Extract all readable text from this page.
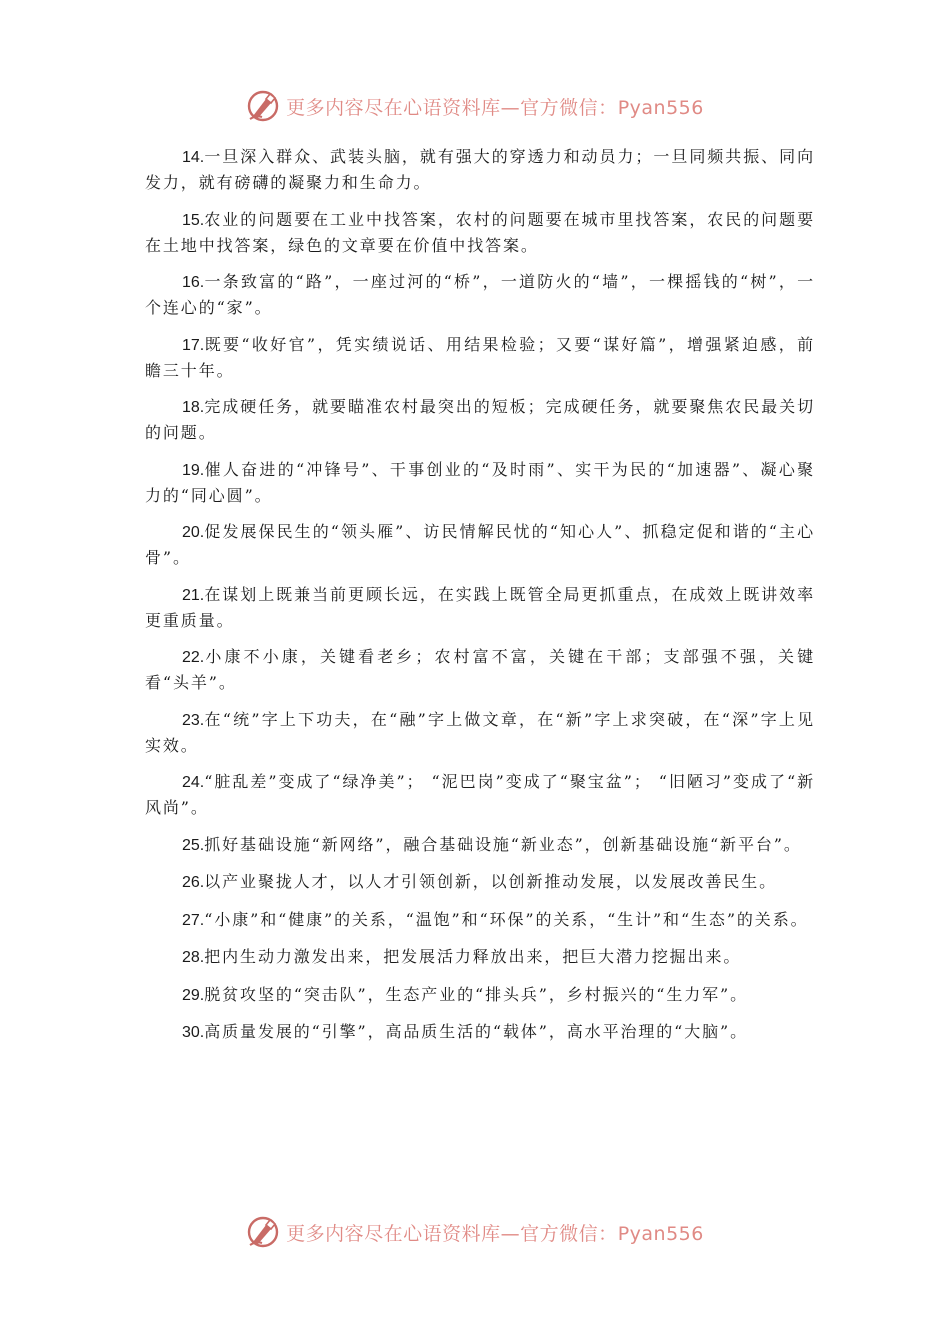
更多内容尽在心语资料库—官方微信：Pyan556

14.一旦深入群众、武装头脑，就有强大的穿透力和动员力；一旦同频共振、同向发力，就有磅礴的凝聚力和生命力。

15.农业的问题要在工业中找答案，农村的问题要在城市里找答案，农民的问题要在土地中找答案，绿色的文章要在价值中找答案。

16.一条致富的“路”，一座过河的“桥”，一道防火的“墙”，一棵摇钱的“树”，一个连心的“家”。

17.既要“收好官”，凭实绩说话、用结果检验；又要“谋好篇”，增强紧迫感，前瞻三十年。

18.完成硬任务，就要瞄准农村最突出的短板；完成硬任务，就要聚焦农民最关切的问题。

19.催人奋进的“冲锋号”、干事创业的“及时雨”、实干为民的“加速器”、凝心聚力的“同心圆”。

20.促发展保民生的“领头雁”、访民情解民忧的“知心人”、抓稳定促和谐的“主心骨”。

21.在谋划上既兼当前更顾长远，在实践上既管全局更抓重点，在成效上既讲效率更重质量。

22.小康不小康，关键看老乡；农村富不富，关键在干部；支部强不强，关键看“头羊”。

23.在“统”字上下功夫，在“融”字上做文章，在“新”字上求突破，在“深”字上见实效。

24.“脏乱差”变成了“绿净美”； “泥巴岗”变成了“聚宝盆”； “旧陋习”变成了“新风尚”。

25.抓好基础设施“新网络”，融合基础设施“新业态”，创新基础设施“新平台”。

26.以产业聚拢人才，以人才引领创新，以创新推动发展，以发展改善民生。

27.“小康”和“健康”的关系，“温饱”和“环保”的关系，“生计”和“生态”的关系。

28.把内生动力激发出来，把发展活力释放出来，把巨大潜力挖掘出来。

29.脱贫攻坚的“突击队”，生态产业的“排头兵”，乡村振兴的“生力军”。

30.高质量发展的“引擎”，高品质生活的“载体”，高水平治理的“大脑”。

更多内容尽在心语资料库—官方微信：Pyan556
